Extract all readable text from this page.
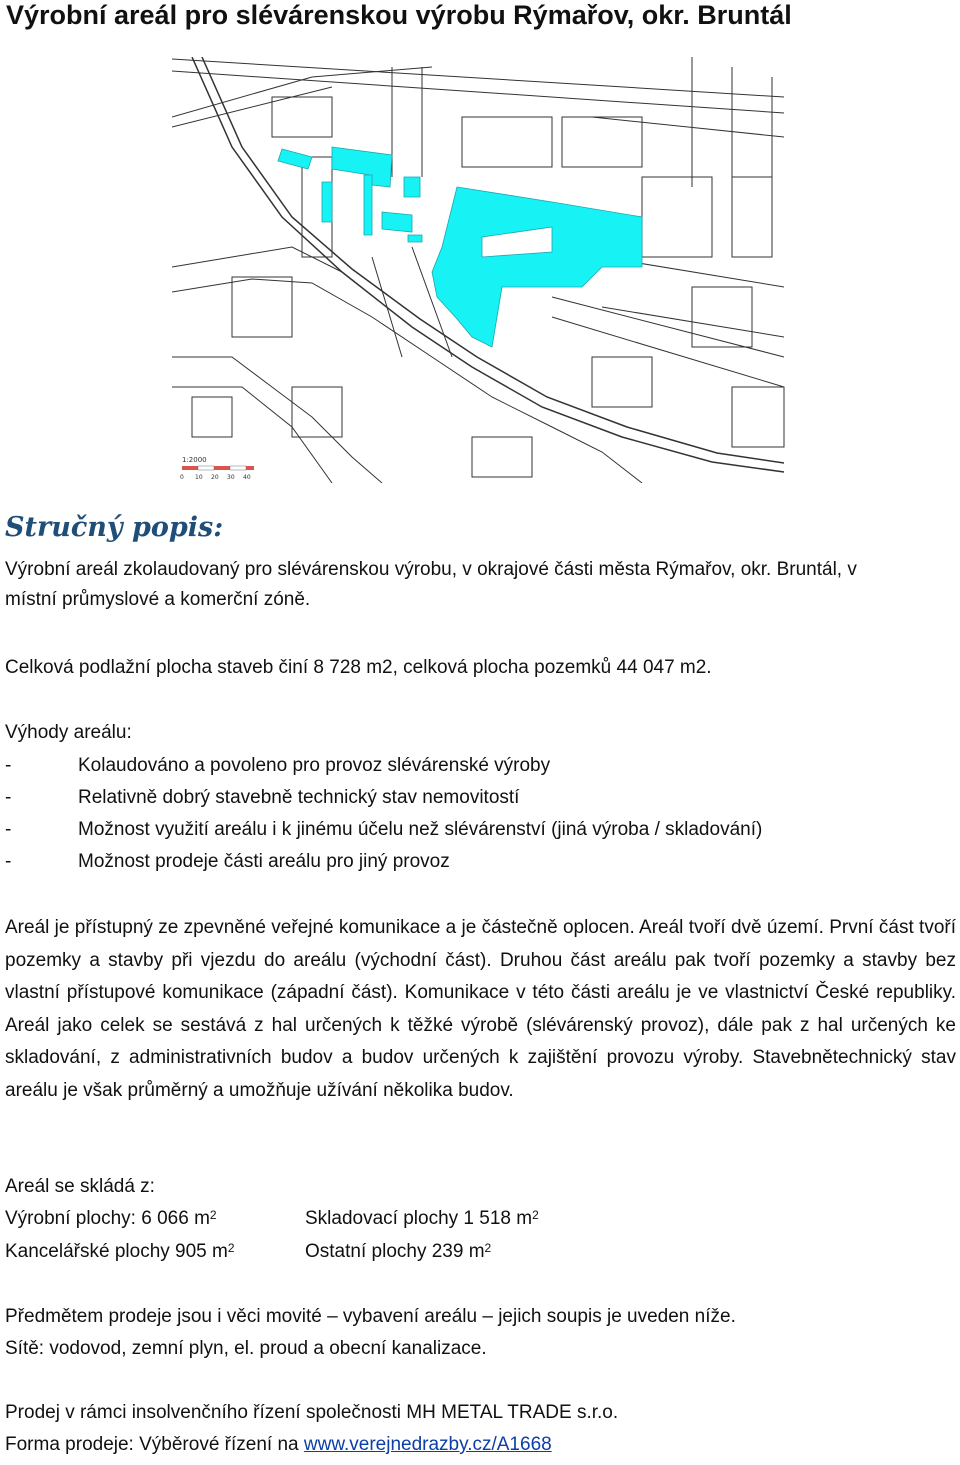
Výrobní areál pro slévárenskou výrobu Rýmařov, okr. Bruntál
1:2000
0 10 20 30 40
Stručný popis:
Výrobní areál zkolaudovaný pro slévárenskou výrobu, v okrajové části města Rýmařov, okr. Bruntál, v
místní průmyslové a komerční zóně.
Celková podlažní plocha staveb činí 8 728 m2, celková plocha pozemků 44 047 m2.
Výhody areálu:
-	Kolaudováno a povoleno pro provoz slévárenské výroby
-	Relativně dobrý stavebně technický stav nemovitostí
-	Možnost využití areálu i k jinému účelu než slévárenství (jiná výroba / skladování)
-	Možnost prodeje části areálu pro jiný provoz
Areál je přístupný ze zpevněné veřejné komunikace a je částečně oplocen. Areál tvoří dvě území. První část tvoří pozemky a stavby při vjezdu do areálu (východní část). Druhou část areálu pak tvoří pozemky a stavby bez vlastní přístupové komunikace (západní část). Komunikace v této části areálu je ve vlastnictví České republiky. Areál jako celek se sestává z hal určených k těžké výrobě (slévárenský provoz), dále pak z hal určených ke skladování, z administrativních budov a budov určených k zajištění provozu výroby. Stavebnětechnický stav areálu je však průměrný a umožňuje užívání několika budov.
Areál se skládá z:
Výrobní plochy: 6 066 $m^2$	Skladovací plochy 1 518 $m^2$
Kancelářské plochy 905 $m^2$	Ostatní plochy 239 $m^2$
Předmětem prodeje jsou i věci movité – vybavení areálu – jejich soupis je uveden níže.
Sítě: vodovod, zemní plyn, el. proud a obecní kanalizace.
Prodej v rámci insolvenčního řízení společnosti MH METAL TRADE s.r.o.
Forma prodeje: Výběrové řízení na www.verejnedrazby.cz/A1668
